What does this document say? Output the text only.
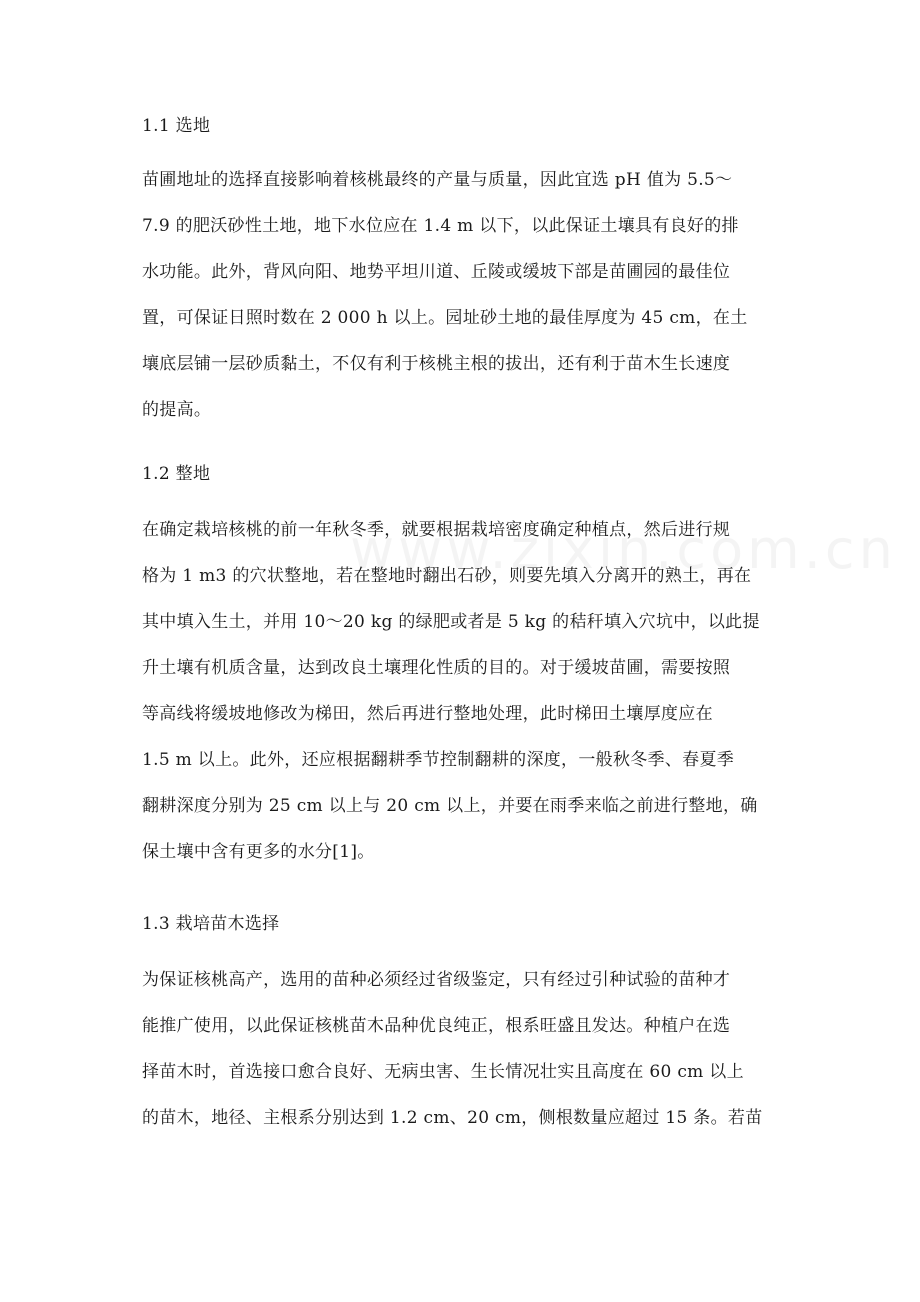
1.1 选地
苗圃地址的选择直接影响着核桃最终的产量与质量，因此宜选 pH 值为 5.5～
7.9 的肥沃砂性土地，地下水位应在 1.4 m 以下，以此保证土壤具有良好的排
水功能。此外，背风向阳、地势平坦川道、丘陵或缓坡下部是苗圃园的最佳位
置，可保证日照时数在 2 000 h 以上。园址砂土地的最佳厚度为 45 cm，在土
壤底层铺一层砂质黏土，不仅有利于核桃主根的拔出，还有利于苗木生长速度
的提高。
1.2 整地
在确定栽培核桃的前一年秋冬季，就要根据栽培密度确定种植点，然后进行规
格为 1 m3 的穴状整地，若在整地时翻出石砂，则要先填入分离开的熟土，再在
其中填入生土，并用 10～20 kg 的绿肥或者是 5 kg 的秸秆填入穴坑中，以此提
升土壤有机质含量，达到改良土壤理化性质的目的。对于缓坡苗圃，需要按照
等高线将缓坡地修改为梯田，然后再进行整地处理，此时梯田土壤厚度应在
1.5 m 以上。此外，还应根据翻耕季节控制翻耕的深度，一般秋冬季、春夏季
翻耕深度分别为 25 cm 以上与 20 cm 以上，并要在雨季来临之前进行整地，确
保土壤中含有更多的水分[1]。
1.3 栽培苗木选择
为保证核桃高产，选用的苗种必须经过省级鉴定，只有经过引种试验的苗种才
能推广使用，以此保证核桃苗木品种优良纯正，根系旺盛且发达。种植户在选
择苗木时，首选接口愈合良好、无病虫害、生长情况壮实且高度在 60 cm 以上
的苗木，地径、主根系分别达到 1.2 cm、20 cm，侧根数量应超过 15 条。若苗
